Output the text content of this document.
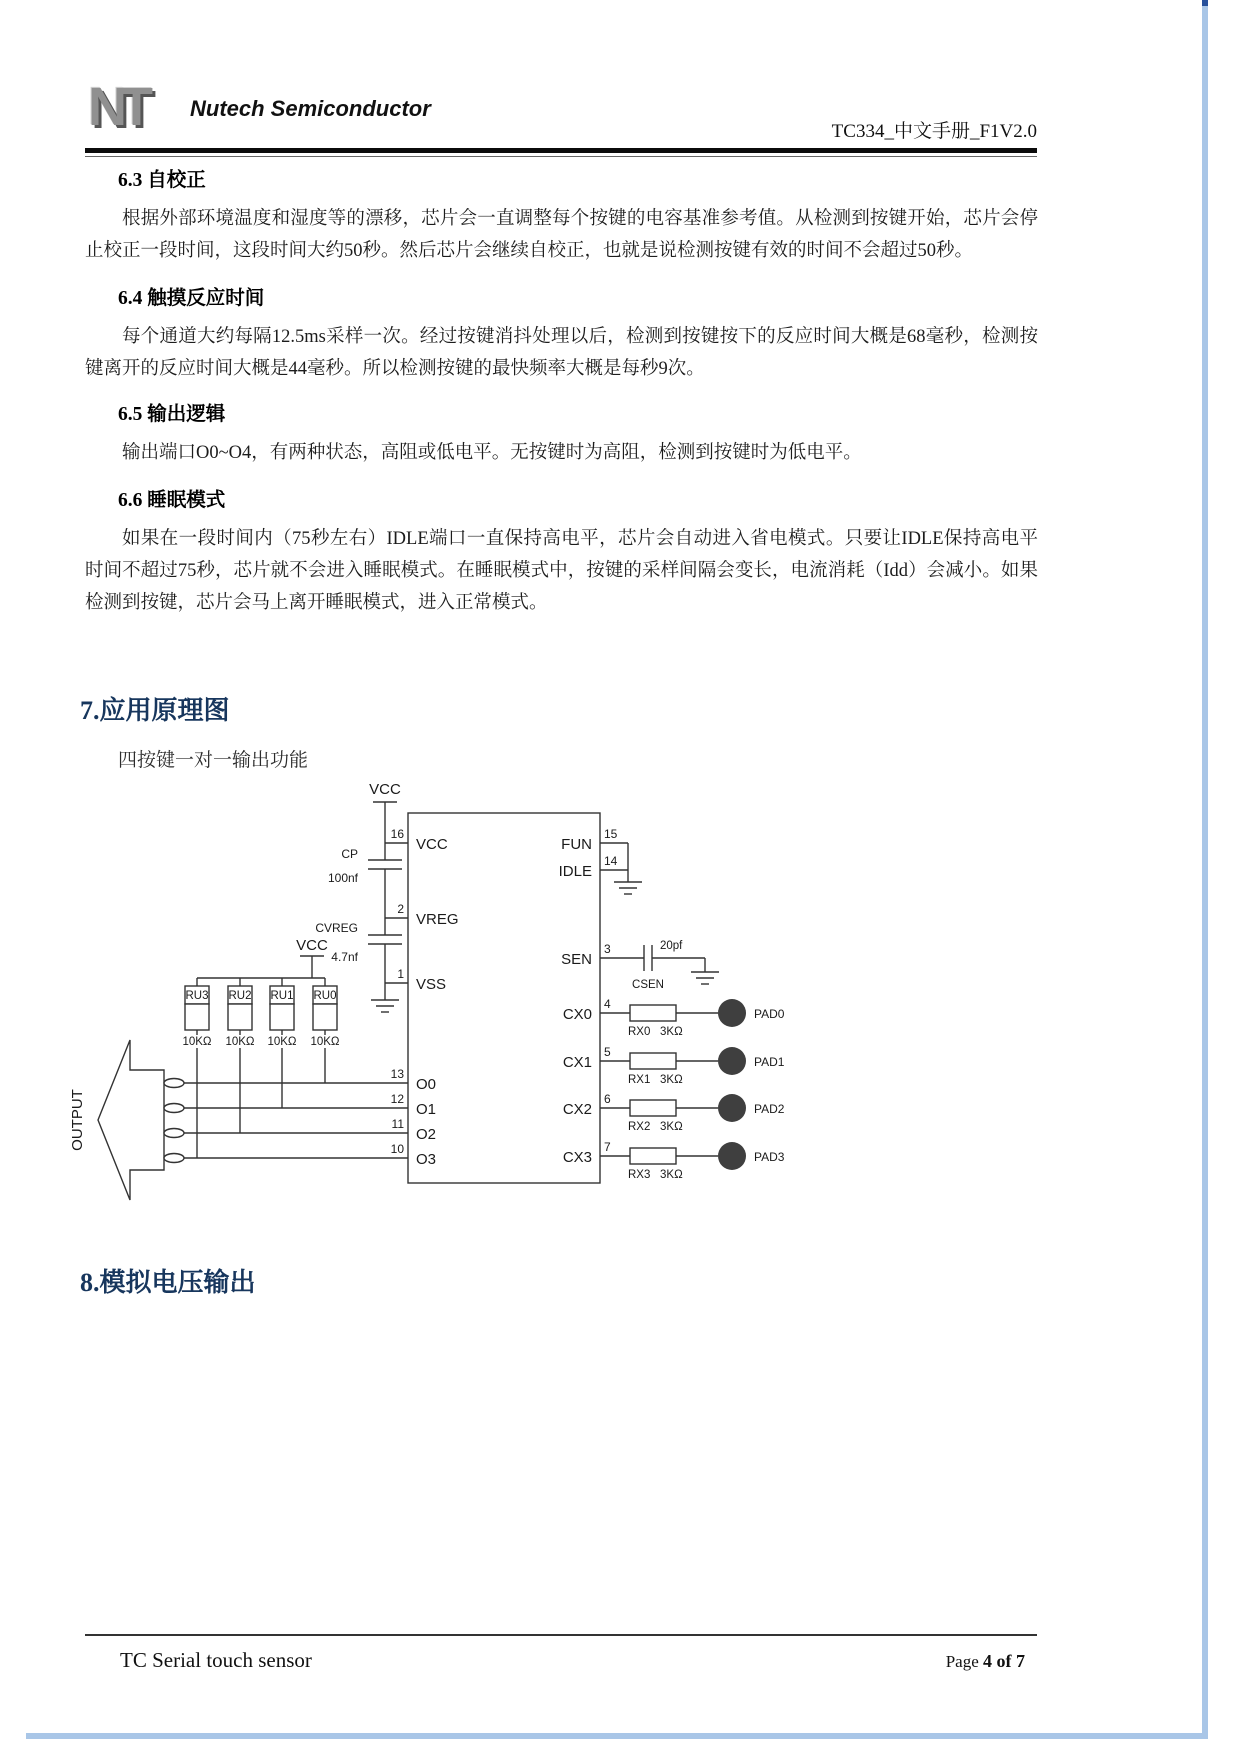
NT	Nutech Semiconductor
TC334_中文手册_F1V2.0
6.3 自校正

根据外部环境温度和湿度等的漂移，芯片会一直调整每个按键的电容基准参考值。从检测到按键开始，芯片会停止校正一段时间，这段时间大约50秒。然后芯片会继续自校正，也就是说检测按键有效的时间不会超过50秒。

6.4 触摸反应时间

每个通道大约每隔12.5ms采样一次。经过按键消抖处理以后，检测到按键按下的反应时间大概是68毫秒，检测按键离开的反应时间大概是44毫秒。所以检测按键的最快频率大概是每秒9次。

6.5 输出逻辑

输出端口O0~O4，有两种状态，高阻或低电平。无按键时为高阻，检测到按键时为低电平。

6.6 睡眠模式

如果在一段时间内（75秒左右）IDLE端口一直保持高电平，芯片会自动进入省电模式。只要让IDLE保持高电平时间不超过75秒，芯片就不会进入睡眠模式。在睡眠模式中，按键的采样间隔会变长，电流消耗（Idd）会减小。如果检测到按键，芯片会马上离开睡眠模式，进入正常模式。

7.应用原理图
四按键一对一输出功能
VCC
VCC
CP
100nf
CVREG
4.7nf
OUTPUT
16
2
1
13
12
11
10
VCC
VREG
VSS
O0
O1
O2
O3
15
14
3
4
5
6
7
FUN
IDLE
SEN
CX0
CX1
CX2
CX3
RU3 RU2 RU1 RU0
10KΩ 10KΩ 10KΩ 10KΩ
CSEN
20pf
RX0 3KΩ
PAD0
RX1 3KΩ
PAD1
RX2 3KΩ
PAD2
RX3 3KΩ
PAD3
8.模拟电压输出
TC Serial touch sensor	Page 4 of 7
